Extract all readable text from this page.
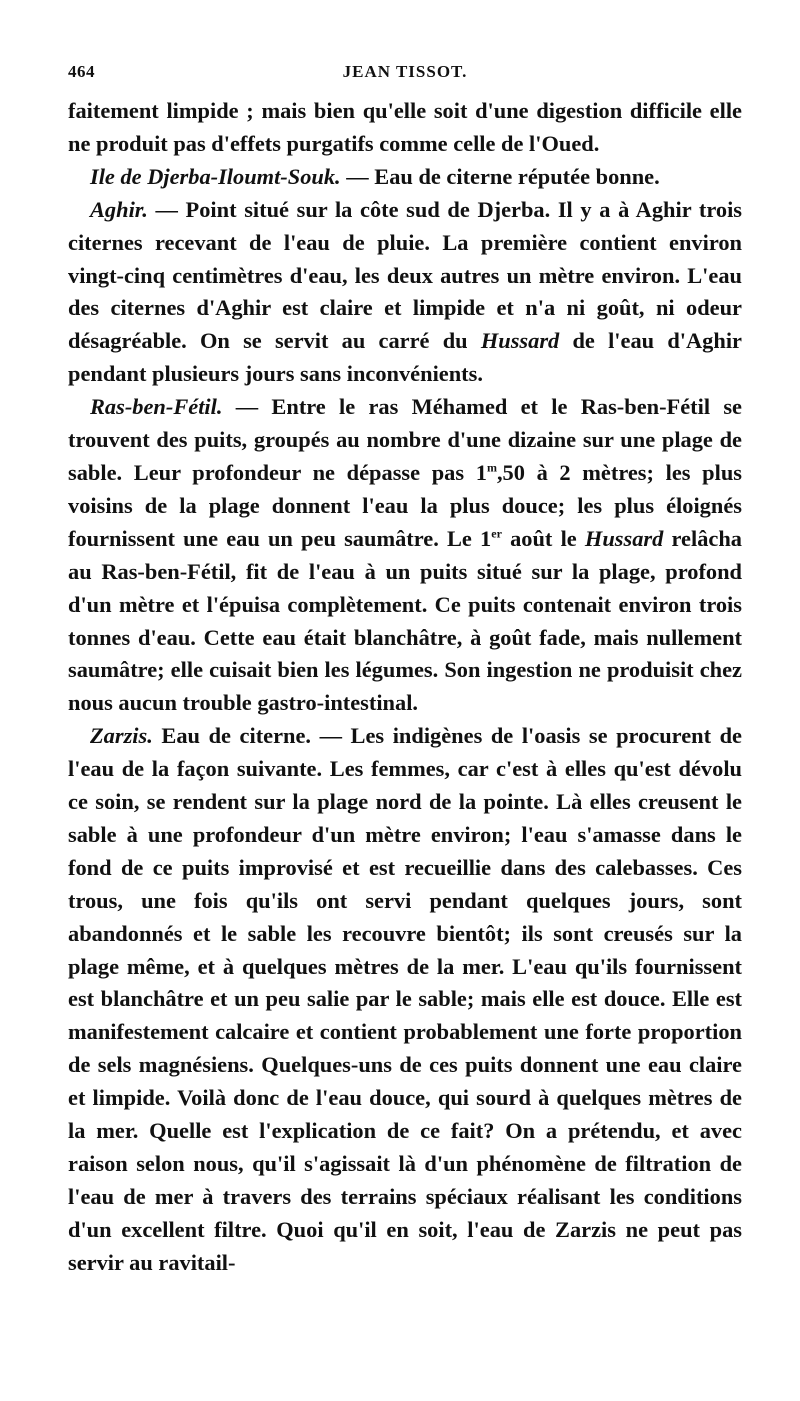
464	JEAN TISSOT.

faitement limpide ; mais bien qu'elle soit d'une digestion difficile elle ne produit pas d'effets purgatifs comme celle de l'Oued.

Ile de Djerba-Iloumt-Souk. — Eau de citerne réputée bonne.

Aghir. — Point situé sur la côte sud de Djerba. Il y a à Aghir trois citernes recevant de l'eau de pluie. La première contient environ vingt-cinq centimètres d'eau, les deux autres un mètre environ. L'eau des citernes d'Aghir est claire et limpide et n'a ni goût, ni odeur désagréable. On se servit au carré du Hussard de l'eau d'Aghir pendant plusieurs jours sans inconvénients.

Ras-ben-Fétil. — Entre le ras Méhamed et le Ras-ben-Fétil se trouvent des puits, groupés au nombre d'une dizaine sur une plage de sable. Leur profondeur ne dépasse pas 1$^m$,50 à 2 mètres; les plus voisins de la plage donnent l'eau la plus douce; les plus éloignés fournissent une eau un peu saumâtre. Le 1er août le Hussard relâcha au Ras-ben-Fétil, fit de l'eau à un puits situé sur la plage, profond d'un mètre et l'épuisa complètement. Ce puits contenait environ trois tonnes d'eau. Cette eau était blanchâtre, à goût fade, mais nullement saumâtre; elle cuisait bien les légumes. Son ingestion ne produisit chez nous aucun trouble gastro-intestinal.

Zarzis. Eau de citerne. — Les indigènes de l'oasis se procurent de l'eau de la façon suivante. Les femmes, car c'est à elles qu'est dévolu ce soin, se rendent sur la plage nord de la pointe. Là elles creusent le sable à une profondeur d'un mètre environ; l'eau s'amasse dans le fond de ce puits improvisé et est recueillie dans des calebasses. Ces trous, une fois qu'ils ont servi pendant quelques jours, sont abandonnés et le sable les recouvre bientôt; ils sont creusés sur la plage même, et à quelques mètres de la mer. L'eau qu'ils fournissent est blanchâtre et un peu salie par le sable; mais elle est douce. Elle est manifestement calcaire et contient probablement une forte proportion de sels magnésiens. Quelques-uns de ces puits donnent une eau claire et limpide. Voilà donc de l'eau douce, qui sourd à quelques mètres de la mer. Quelle est l'explication de ce fait? On a prétendu, et avec raison selon nous, qu'il s'agissait là d'un phénomène de filtration de l'eau de mer à travers des terrains spéciaux réalisant les conditions d'un excellent filtre. Quoi qu'il en soit, l'eau de Zarzis ne peut pas servir au ravitail-
